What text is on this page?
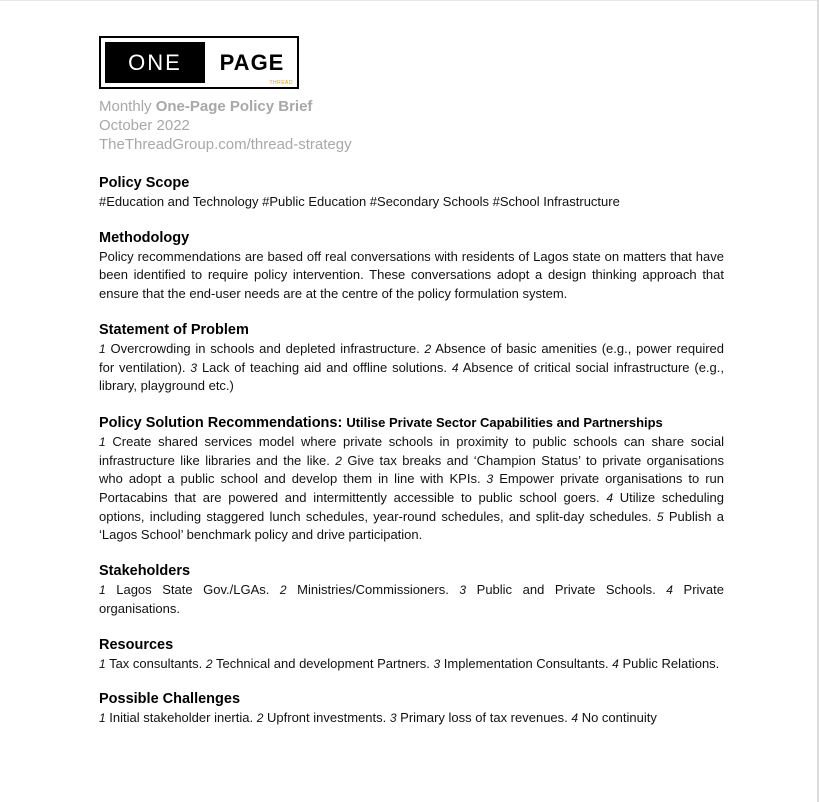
ONE	PAGE
THREAD
Monthly One-Page Policy Brief
October 2022
TheThreadGroup.com/thread-strategy
Policy Scope

#Education and Technology #Public Education #Secondary Schools #School Infrastructure

Methodology

Policy recommendations are based off real conversations with residents of Lagos state on matters that have been identified to require policy intervention. These conversations adopt a design thinking approach that ensure that the end-user needs are at the centre of the policy formulation system.

Statement of Problem

1 Overcrowding in schools and depleted infrastructure. 2 Absence of basic amenities (e.g., power required for ventilation). 3 Lack of teaching aid and offline solutions. 4 Absence of critical social infrastructure (e.g., library, playground etc.)

Policy Solution Recommendations: Utilise Private Sector Capabilities and Partnerships

1 Create shared services model where private schools in proximity to public schools can share social infrastructure like libraries and the like. 2 Give tax breaks and ‘Champion Status’ to private organisations who adopt a public school and develop them in line with KPIs. 3 Empower private organisations to run Portacabins that are powered and intermittently accessible to public school goers. 4 Utilize scheduling options, including staggered lunch schedules, year-round schedules, and split-day schedules. 5 Publish a ‘Lagos School’ benchmark policy and drive participation.

Stakeholders

1 Lagos State Gov./LGAs. 2 Ministries/Commissioners. 3 Public and Private Schools. 4 Private organisations.

Resources

1 Tax consultants. 2 Technical and development Partners. 3 Implementation Consultants. 4 Public Relations.

Possible Challenges

1 Initial stakeholder inertia. 2 Upfront investments. 3 Primary loss of tax revenues. 4 No continuity
